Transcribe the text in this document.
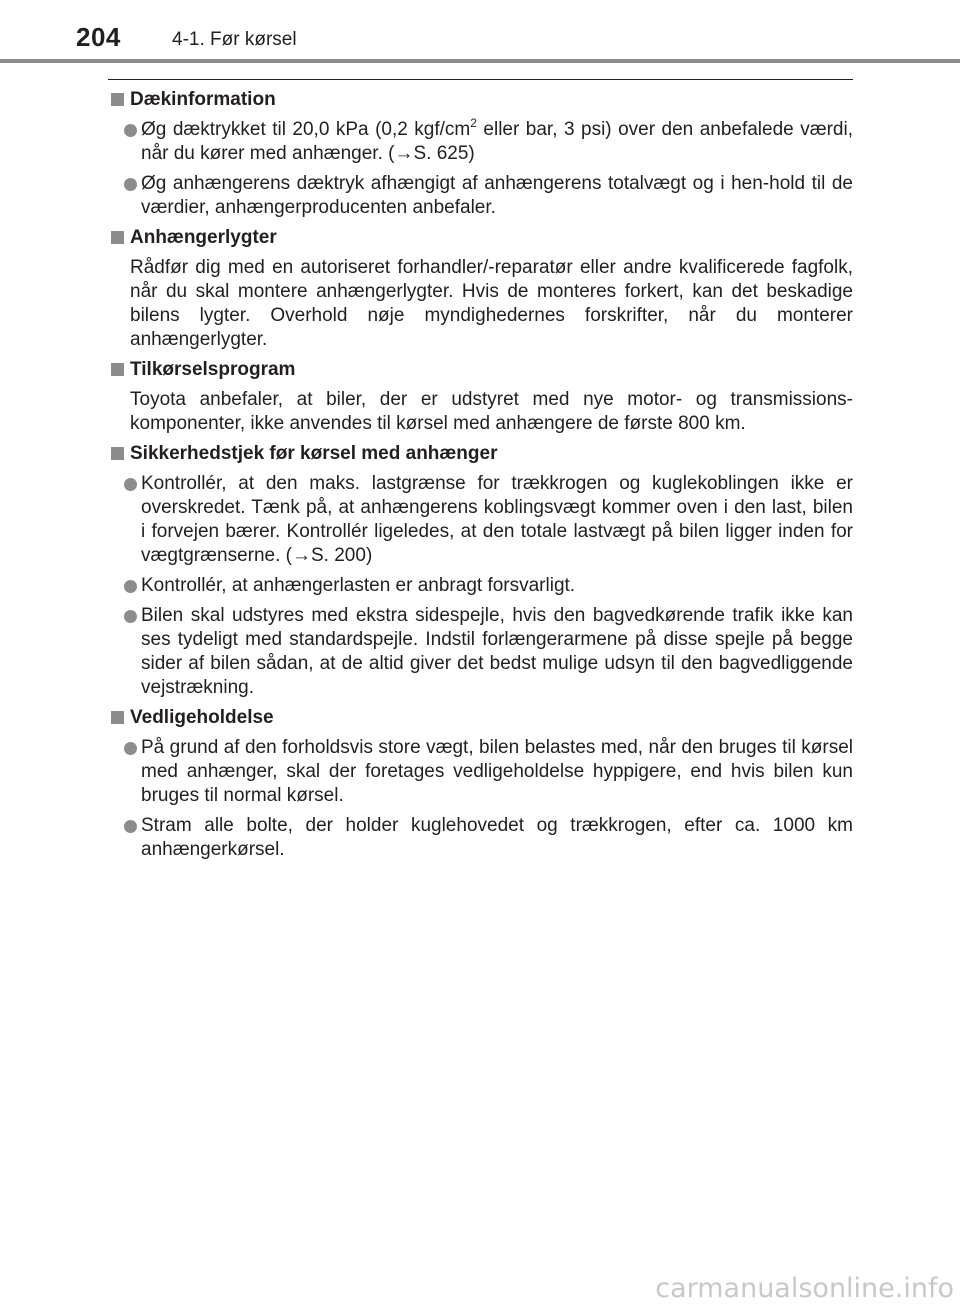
204	4-1. Før kørsel
Dækinformation
Øg dæktrykket til 20,0 kPa (0,2 kgf/$cm^2$ eller bar, 3 psi) over den anbefalede værdi, når du kører med anhænger. (→S. 625)
Øg anhængerens dæktryk afhængigt af anhængerens totalvægt og i hen-hold til de værdier, anhængerproducenten anbefaler.
Anhængerlygter
Rådfør dig med en autoriseret forhandler/-reparatør eller andre kvalificerede fagfolk, når du skal montere anhængerlygter. Hvis de monteres forkert, kan det beskadige bilens lygter. Overhold nøje myndighedernes forskrifter, når du monterer anhængerlygter.
Tilkørselsprogram
Toyota anbefaler, at biler, der er udstyret med nye motor- og transmissions-komponenter, ikke anvendes til kørsel med anhængere de første 800 km.
Sikkerhedstjek før kørsel med anhænger
Kontrollér, at den maks. lastgrænse for trækkrogen og kuglekoblingen ikke er overskredet. Tænk på, at anhængerens koblingsvægt kommer oven i den last, bilen i forvejen bærer. Kontrollér ligeledes, at den totale lastvægt på bilen ligger inden for vægtgrænserne. (→S. 200)
Kontrollér, at anhængerlasten er anbragt forsvarligt.
Bilen skal udstyres med ekstra sidespejle, hvis den bagvedkørende trafik ikke kan ses tydeligt med standardspejle. Indstil forlængerarmene på disse spejle på begge sider af bilen sådan, at de altid giver det bedst mulige udsyn til den bagvedliggende vejstrækning.
Vedligeholdelse
På grund af den forholdsvis store vægt, bilen belastes med, når den bruges til kørsel med anhænger, skal der foretages vedligeholdelse hyppigere, end hvis bilen kun bruges til normal kørsel.
Stram alle bolte, der holder kuglehovedet og trækkrogen, efter ca. 1000 km anhængerkørsel.
carmanualsonline.info
